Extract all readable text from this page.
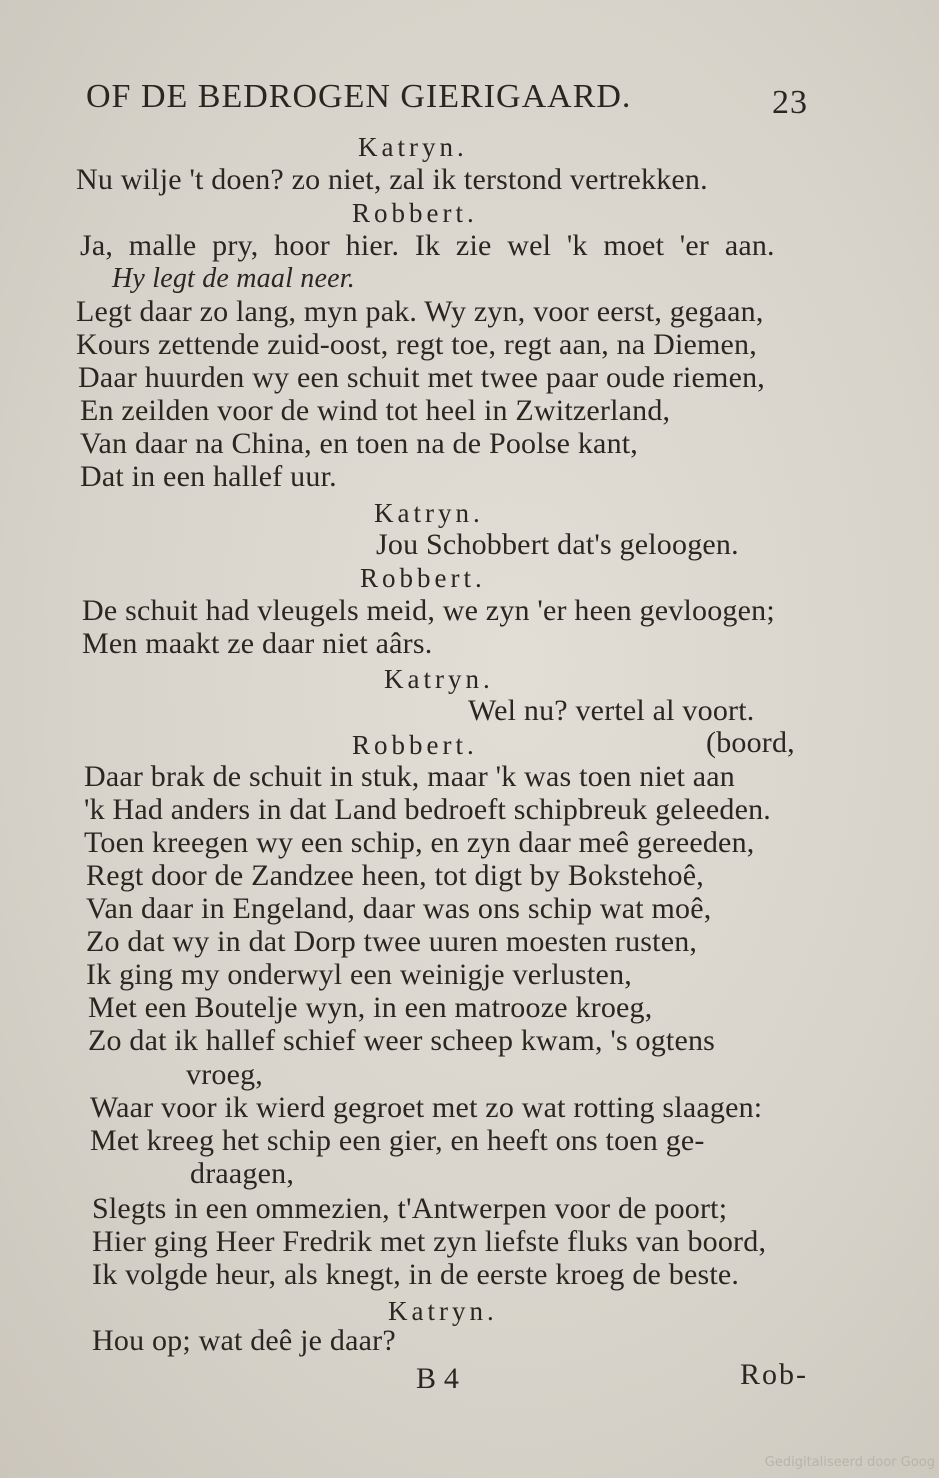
OF DE BEDROGEN GIERIGAARD.	23
Katryn.
Nu wilje 't doen? zo niet, zal ik terstond vertrekken.
Robbert.
Ja, malle pry, hoor hier. Ik zie wel 'k moet 'er aan.
Hy legt de maal neer.
Legt daar zo lang, myn pak. Wy zyn, voor eerst, gegaan,
Kours zettende zuid-oost, regt toe, regt aan, na Diemen,
Daar huurden wy een schuit met twee paar oude riemen,
En zeilden voor de wind tot heel in Zwitzerland,
Van daar na China, en toen na de Poolse kant,
Dat in een hallef uur.
Katryn.
Jou Schobbert dat's geloogen.
Robbert.
De schuit had vleugels meid, we zyn 'er heen gevloogen;
Men maakt ze daar niet aârs.
Katryn.
Wel nu? vertel al voort.
Robbert.	(boord,
Daar brak de schuit in stuk, maar 'k was toen niet aan
'k Had anders in dat Land bedroeft schipbreuk geleeden.
Toen kreegen wy een schip, en zyn daar meê gereeden,
Regt door de Zandzee heen, tot digt by Bokstehoê,
Van daar in Engeland, daar was ons schip wat moê,
Zo dat wy in dat Dorp twee uuren moesten rusten,
Ik ging my onderwyl een weinigje verlusten,
Met een Boutelje wyn, in een matrooze kroeg,
Zo dat ik hallef schief weer scheep kwam, 's ogtens
vroeg,
Waar voor ik wierd gegroet met zo wat rotting slaagen:
Met kreeg het schip een gier, en heeft ons toen ge-
draagen,
Slegts in een ommezien, t'Antwerpen voor de poort;
Hier ging Heer Fredrik met zyn liefste fluks van boord,
Ik volgde heur, als knegt, in de eerste kroeg de beste.
Katryn.
Hou op; wat deê je daar?
B 4	Rob-
Gedigitaliseerd door Goog
